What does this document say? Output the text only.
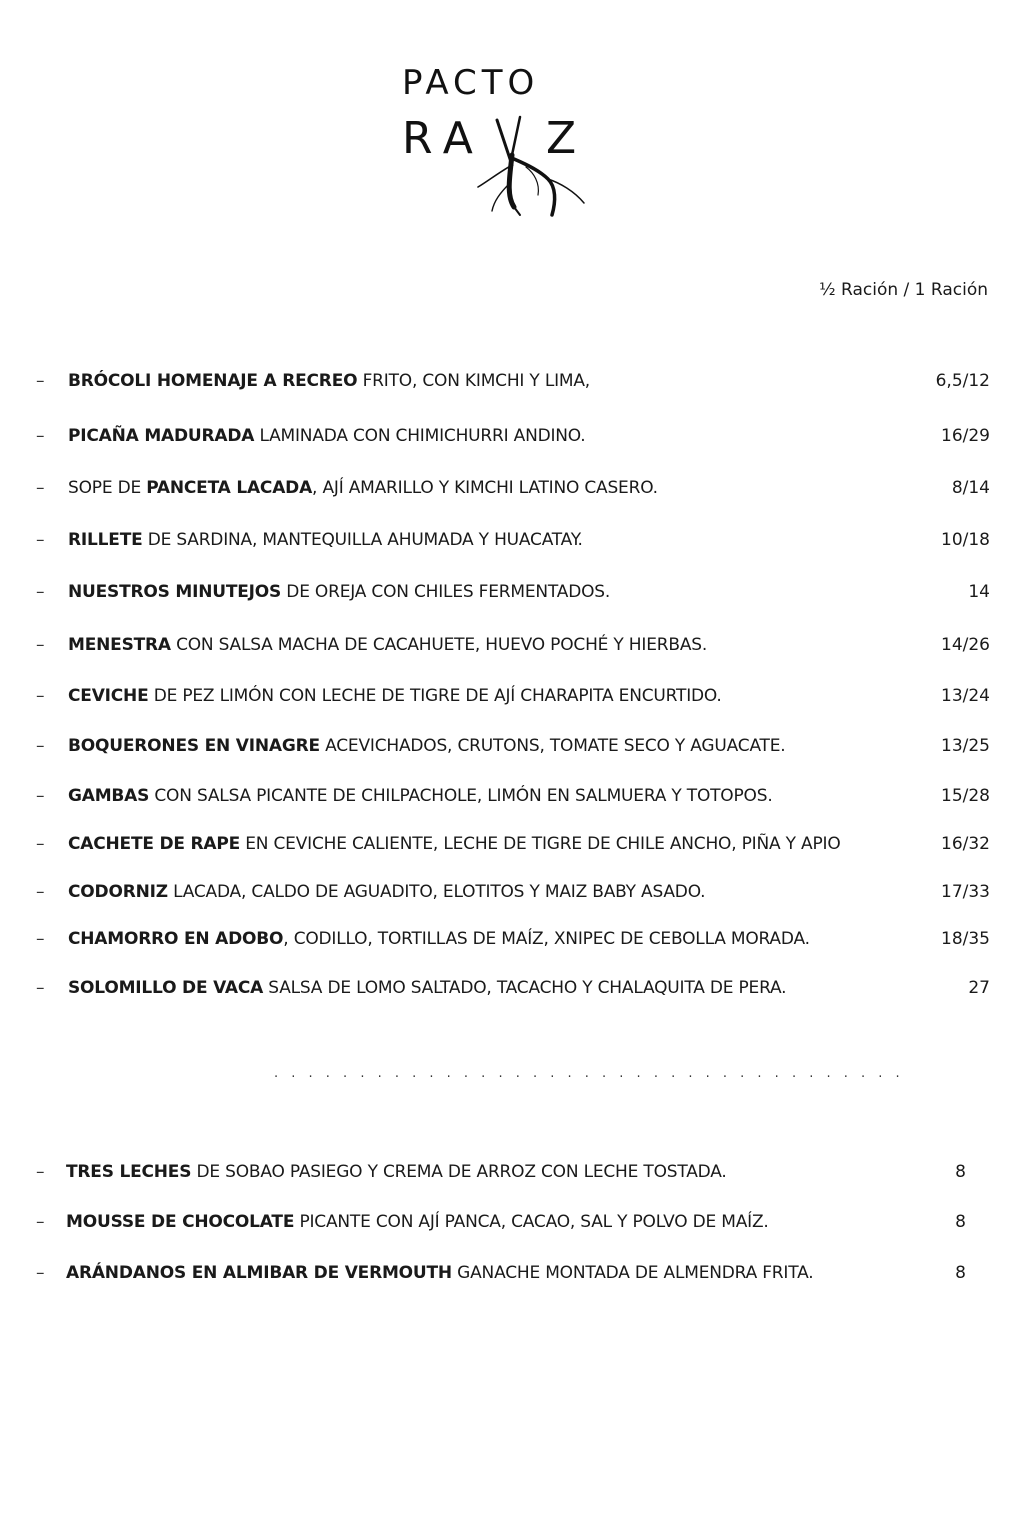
PACTO
RA Z
½ Ración / 1 Ración
– BRÓCOLI HOMENAJE A RECREO FRITO, CON KIMCHI Y LIMA,	6,5/12
– PICAÑA MADURADA LAMINADA CON CHIMICHURRI ANDINO.	16/29
– SOPE DE PANCETA LACADA, AJÍ AMARILLO Y KIMCHI LATINO CASERO.	8/14
– RILLETE DE SARDINA, MANTEQUILLA AHUMADA Y HUACATAY.	10/18
– NUESTROS MINUTEJOS DE OREJA CON CHILES FERMENTADOS.	14
– MENESTRA CON SALSA MACHA DE CACAHUETE, HUEVO POCHÉ Y HIERBAS.	14/26
– CEVICHE DE PEZ LIMÓN CON LECHE DE TIGRE DE AJÍ CHARAPITA ENCURTIDO.	13/24
– BOQUERONES EN VINAGRE ACEVICHADOS, CRUTONS, TOMATE SECO Y AGUACATE.	13/25
– GAMBAS CON SALSA PICANTE DE CHILPACHOLE, LIMÓN EN SALMUERA Y TOTOPOS.	15/28
– CACHETE DE RAPE EN CEVICHE CALIENTE, LECHE DE TIGRE DE CHILE ANCHO, PIÑA Y APIO	16/32
– CODORNIZ LACADA, CALDO DE AGUADITO, ELOTITOS Y MAIZ BABY ASADO.	17/33
– CHAMORRO EN ADOBO, CODILLO, TORTILLAS DE MAÍZ, XNIPEC DE CEBOLLA MORADA.	18/35
– SOLOMILLO DE VACA SALSA DE LOMO SALTADO, TACACHO Y CHALAQUITA DE PERA.	27
– TRES LECHES DE SOBAO PASIEGO Y CREMA DE ARROZ CON LECHE TOSTADA.	8
– MOUSSE DE CHOCOLATE PICANTE CON AJÍ PANCA, CACAO, SAL Y POLVO DE MAÍZ.	8
– ARÁNDANOS EN ALMIBAR DE VERMOUTH GANACHE MONTADA DE ALMENDRA FRITA.	8
· · · · · · · · · · · · · · · · · · · · · · · · · · · · · · · · · · · · ·
